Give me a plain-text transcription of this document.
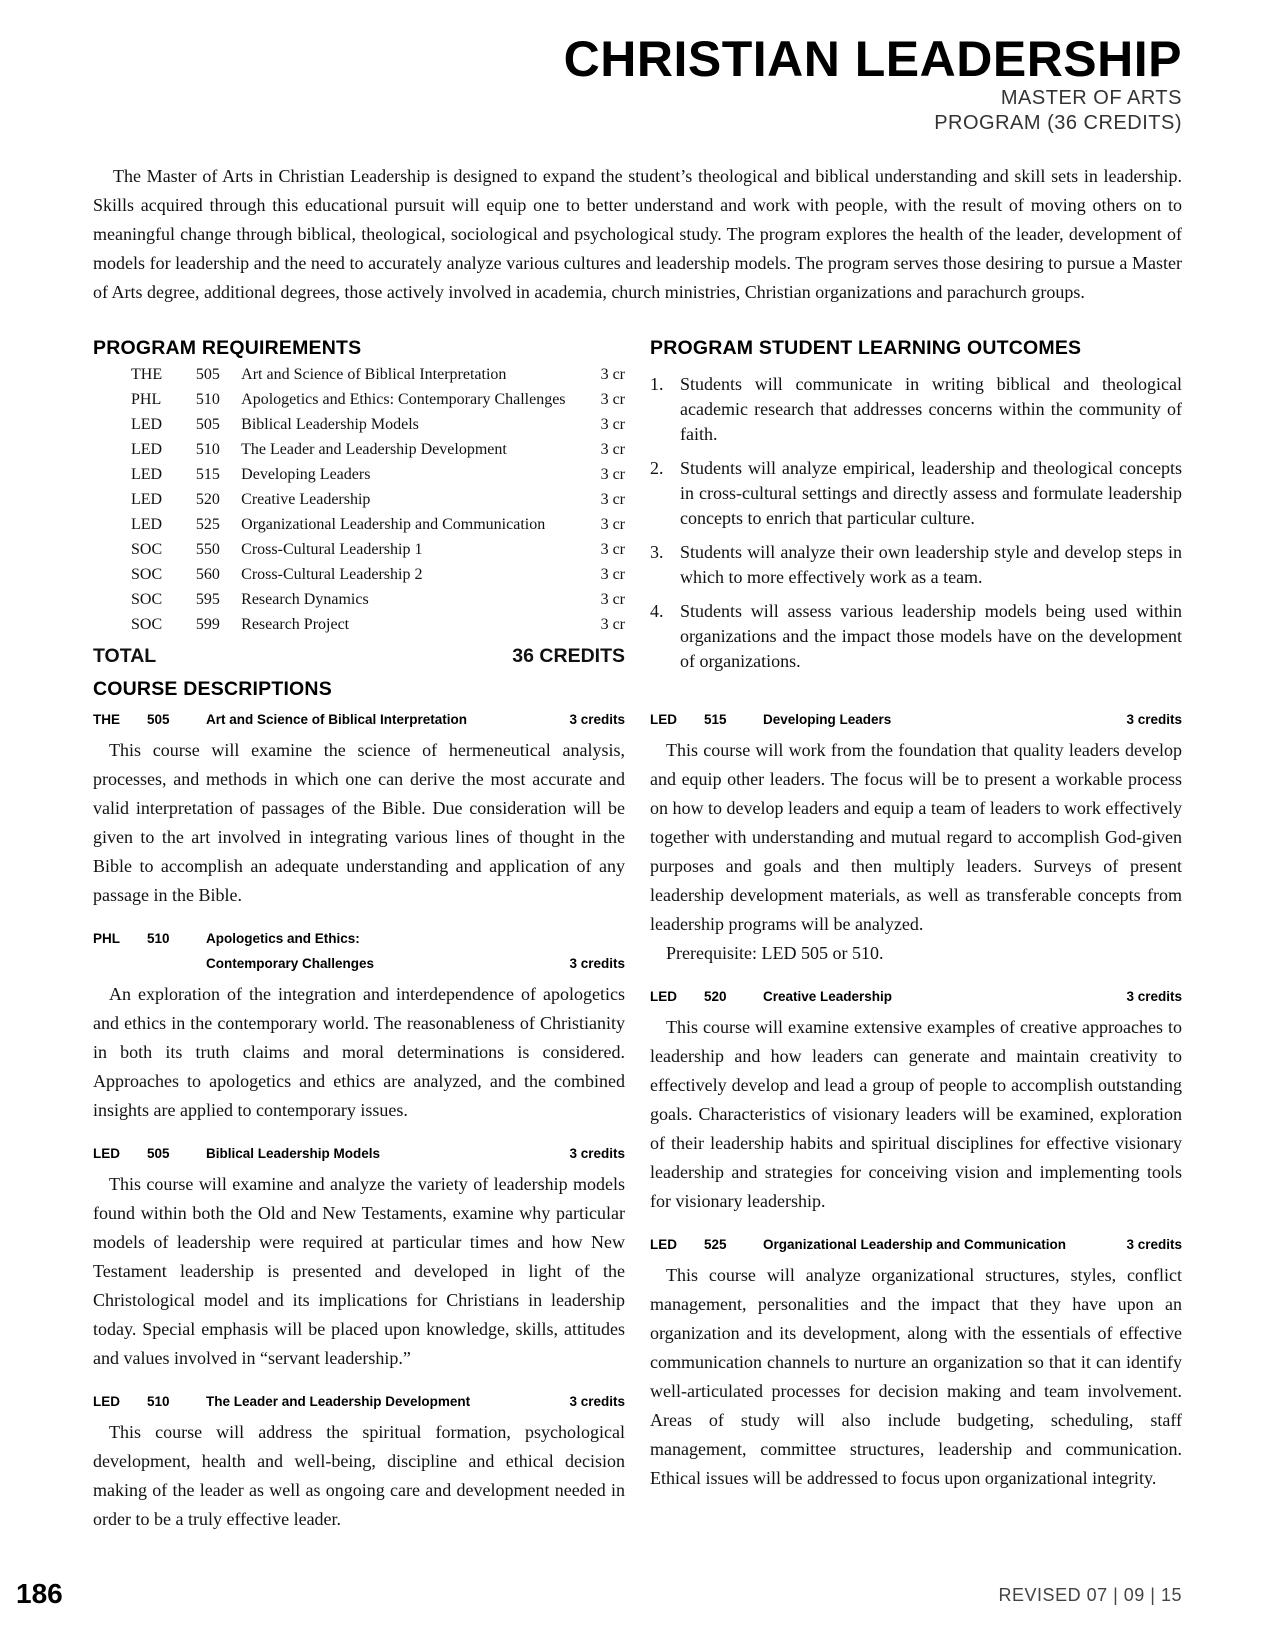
CHRISTIAN LEADERSHIP
MASTER OF ARTS
PROGRAM (36 CREDITS)

The Master of Arts in Christian Leadership is designed to expand the student’s theological and biblical understanding and skill sets in leadership. Skills acquired through this educational pursuit will equip one to better understand and work with people, with the result of moving others on to meaningful change through biblical, theological, sociological and psychological study. The program explores the health of the leader, development of models for leadership and the need to accurately analyze various cultures and leadership models. The program serves those desiring to pursue a Master of Arts degree, additional degrees, those actively involved in academia, church ministries, Christian organizations and parachurch groups.

PROGRAM REQUIREMENTS
THE	505	Art and Science of Biblical Interpretation	3 cr
PHL	510	Apologetics and Ethics: Contemporary Challenges	3 cr
LED	505	Biblical Leadership Models	3 cr
LED	510	The Leader and Leadership Development	3 cr
LED	515	Developing Leaders	3 cr
LED	520	Creative Leadership	3 cr
LED	525	Organizational Leadership and Communication	3 cr
SOC	550	Cross-Cultural Leadership 1	3 cr
SOC	560	Cross-Cultural Leadership 2	3 cr
SOC	595	Research Dynamics	3 cr
SOC	599	Research Project	3 cr
TOTAL	36 CREDITS
PROGRAM STUDENT LEARNING OUTCOMES
1. Students will communicate in writing biblical and theological academic research that addresses concerns within the community of faith.
2. Students will analyze empirical, leadership and theological concepts in cross-cultural settings and directly assess and formulate leadership concepts to enrich that particular culture.
3. Students will analyze their own leadership style and develop steps in which to more effectively work as a team.
4. Students will assess various leadership models being used within organizations and the impact those models have on the development of organizations.
COURSE DESCRIPTIONS
THE	505	Art and Science of Biblical Interpretation	3 credits

This course will examine the science of hermeneutical analysis, processes, and methods in which one can derive the most accurate and valid interpretation of passages of the Bible. Due consideration will be given to the art involved in integrating various lines of thought in the Bible to accomplish an adequate understanding and application of any passage in the Bible.

PHL	510	Apologetics and Ethics:
Contemporary Challenges	3 credits

An exploration of the integration and interdependence of apologetics and ethics in the contemporary world. The reasonableness of Christianity in both its truth claims and moral determinations is considered. Approaches to apologetics and ethics are analyzed, and the combined insights are applied to contemporary issues.

LED	505	Biblical Leadership Models	3 credits

This course will examine and analyze the variety of leadership models found within both the Old and New Testaments, examine why particular models of leadership were required at particular times and how New Testament leadership is presented and developed in light of the Christological model and its implications for Christians in leadership today. Special emphasis will be placed upon knowledge, skills, attitudes and values involved in “servant leadership.”

LED	510	The Leader and Leadership Development	3 credits

This course will address the spiritual formation, psychological development, health and well-being, discipline and ethical decision making of the leader as well as ongoing care and development needed in order to be a truly effective leader.

LED	515	Developing Leaders	3 credits

This course will work from the foundation that quality leaders develop and equip other leaders. The focus will be to present a workable process on how to develop leaders and equip a team of leaders to work effectively together with understanding and mutual regard to accomplish God-given purposes and goals and then multiply leaders. Surveys of present leadership development materials, as well as transferable concepts from leadership programs will be analyzed.

Prerequisite: LED 505 or 510.

LED	520	Creative Leadership	3 credits

This course will examine extensive examples of creative approaches to leadership and how leaders can generate and maintain creativity to effectively develop and lead a group of people to accomplish outstanding goals. Characteristics of visionary leaders will be examined, exploration of their leadership habits and spiritual disciplines for effective visionary leadership and strategies for conceiving vision and implementing tools for visionary leadership.

LED	525	Organizational Leadership and Communication	3 credits

This course will analyze organizational structures, styles, conflict management, personalities and the impact that they have upon an organization and its development, along with the essentials of effective communication channels to nurture an organization so that it can identify well-articulated processes for decision making and team involvement. Areas of study will also include budgeting, scheduling, staff management, committee structures, leadership and communication. Ethical issues will be addressed to focus upon organizational integrity.

186	REVISED 07 | 09 | 15
